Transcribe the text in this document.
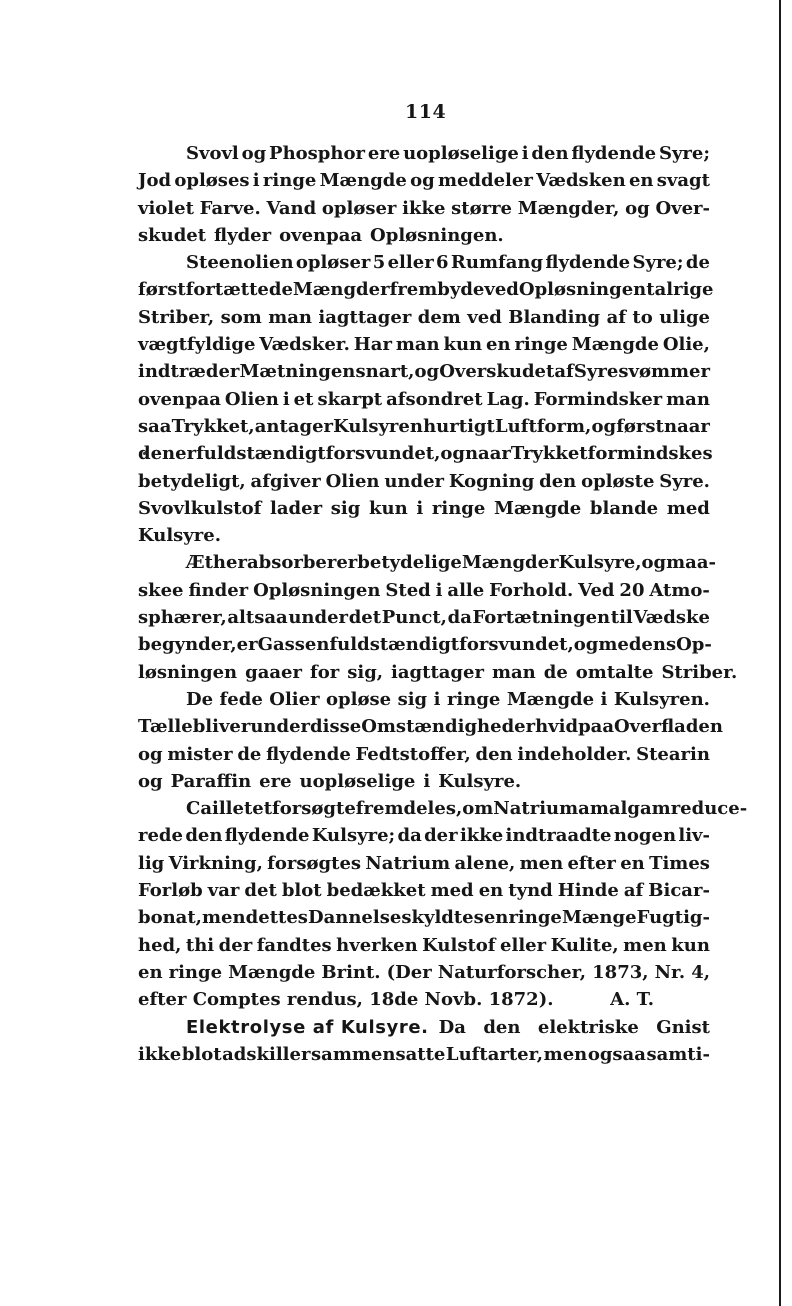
114
Svovl og Phosphor ere uopløselige i den flydende Syre;
Jod opløses i ringe Mængde og meddeler Vædsken en svagt
violet Farve. Vand opløser ikke større Mængder, og Over-
skudet flyder ovenpaa Opløsningen.
Steenolien opløser 5 eller 6 Rumfang flydende Syre; de
først fortættede Mængder frembyde ved Opløsningen talrige
Striber, som man iagttager dem ved Blanding af to ulige
vægtfyldige Vædsker. Har man kun en ringe Mængde Olie,
indtræder Mætningen snart, og Overskudet af Syre svømmer
ovenpaa Olien i et skarpt afsondret Lag. Formindsker man
saa Trykket, antager Kulsyren hurtigt Luftform, og først naar
den er fuldstændigt forsvundet, og naar Trykket formindskes
betydeligt, afgiver Olien under Kogning den opløste Syre.
Svovlkulstof lader sig kun i ringe Mængde blande med
Kulsyre.
Æther absorberer betydelige Mængder Kulsyre, og maa-
skee finder Opløsningen Sted i alle Forhold. Ved 20 Atmo-
sphærer, altsaa under det Punct, da Fortætningen til Vædske
begynder, er Gassen fuldstændigt forsvundet, og medens Op-
løsningen gaaer for sig, iagttager man de omtalte Striber.
De fede Olier opløse sig i ringe Mængde i Kulsyren.
Tælle bliver under disse Omstændigheder hvid paa Overfladen
og mister de flydende Fedtstoffer, den indeholder. Stearin
og Paraffin ere uopløselige i Kulsyre.
Cailletet forsøgte fremdeles, om Natriumamalgam reduce-
rede den flydende Kulsyre; da der ikke indtraadte nogen liv-
lig Virkning, forsøgtes Natrium alene, men efter en Times
Forløb var det blot bedækket med en tynd Hinde af Bicar-
bonat, men dettes Dannelse skyldtes en ringe Mænge Fugtig-
hed, thi der fandtes hverken Kulstof eller Kulite, men kun
en ringe Mængde Brint. (Der Naturforscher, 1873, Nr. 4,
efter Comptes rendus, 18de Novb. 1872).	A. T.
Elektrolyse af Kulsyre. Da den elektriske Gnist
ikke blot adskiller sammensatte Luftarter, men ogsaa samti-
